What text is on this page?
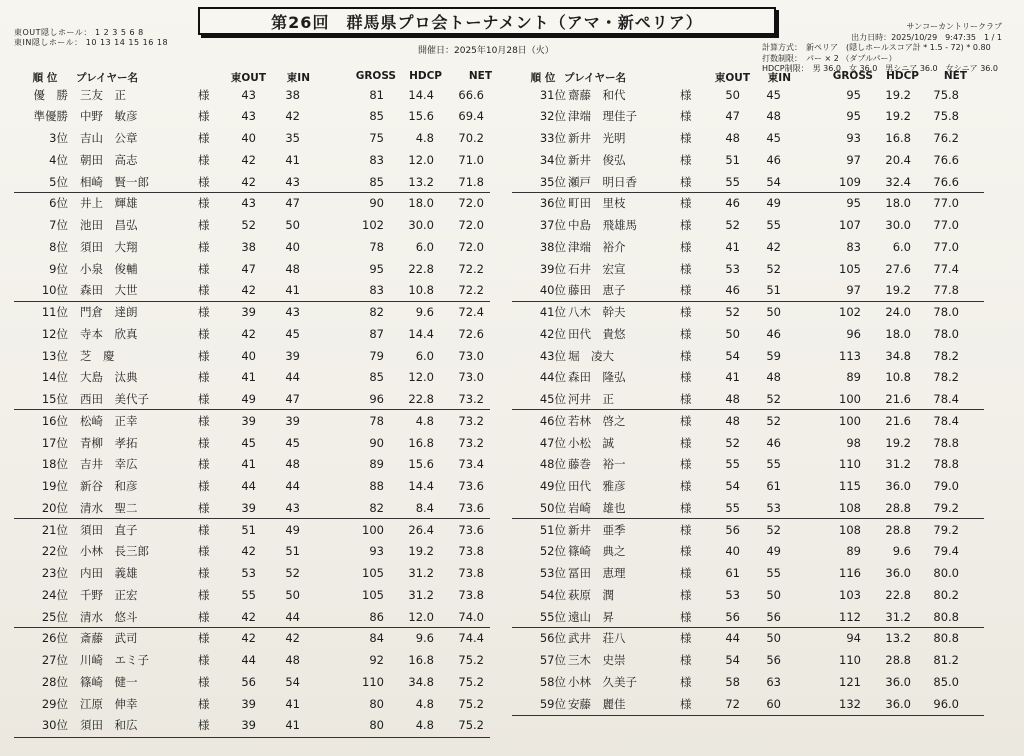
東OUT隠しホール： 1 2 3 5 6 8
東IN隠しホール： 10 13 14 15 16 18
第26回　群馬県プロ会トーナメント（アマ・新ペリア）
開催日：2025年10月28日（火）
サンコーカントリークラブ
出力日時：2025/10/29　9:47:35　1 / 1
計算方式：　新ペリア　(隠しホールスコア計 * 1.5 - 72) * 0.80
打数制限：　パー × 2 （ダブルパー）
HDCP制限：　男 36.0　女 36.0　男シニア 36.0　女シニア 36.0
順 位	プレイヤー名	東OUT	東IN	GROSS	HDCP	NET	順 位 プレイヤー名	東OUT	東IN	GROSS	HDCP	NET
優　勝 三友　正	様	43	38	81	14.4	66.6
準優勝 中野　敏彦	様	43	42	85	15.6	69.4
3位 吉山　公章	様	40	35	75	4.8	70.2
4位 朝田　高志	様	42	41	83	12.0	71.0
5位 相崎　賢一郎	様	42	43	85	13.2	71.8
6位 井上　輝雄	様	43	47	90	18.0	72.0
7位 池田　昌弘	様	52	50	102	30.0	72.0
8位 須田　大翔	様	38	40	78	6.0	72.0
9位 小泉　俊輔	様	47	48	95	22.8	72.2
10位 森田　大世	様	42	41	83	10.8	72.2
11位 門倉　達朗	様	39	43	82	9.6	72.4
12位 寺本　欣真	様	42	45	87	14.4	72.6
13位 芝　慶	様	40	39	79	6.0	73.0
14位 大島　汰典	様	41	44	85	12.0	73.0
15位 西田　美代子	様	49	47	96	22.8	73.2
16位 松崎　正幸	様	39	39	78	4.8	73.2
17位 青柳　孝拓	様	45	45	90	16.8	73.2
18位 吉井　幸広	様	41	48	89	15.6	73.4
19位 新谷　和彦	様	44	44	88	14.4	73.6
20位 清水　聖二	様	39	43	82	8.4	73.6
21位 須田　直子	様	51	49	100	26.4	73.6
22位 小林　長三郎	様	42	51	93	19.2	73.8
23位 内田　義雄	様	53	52	105	31.2	73.8
24位 千野　正宏	様	55	50	105	31.2	73.8
25位 清水　悠斗	様	42	44	86	12.0	74.0
26位 斎藤　武司	様	42	42	84	9.6	74.4
27位 川崎　エミ子	様	44	48	92	16.8	75.2
28位 篠崎　健一	様	56	54	110	34.8	75.2
29位 江原　伸幸	様	39	41	80	4.8	75.2
30位 須田　和広	様	39	41	80	4.8	75.2
31位 齋藤　和代	様	50	45	95	19.2	75.8
32位 津端　理佳子	様	47	48	95	19.2	75.8
33位 新井　光明	様	48	45	93	16.8	76.2
34位 新井　俊弘	様	51	46	97	20.4	76.6
35位 瀬戸　明日香	様	55	54	109	32.4	76.6
36位 町田　里枝	様	46	49	95	18.0	77.0
37位 中島　飛雄馬	様	52	55	107	30.0	77.0
38位 津端　裕介	様	41	42	83	6.0	77.0
39位 石井　宏宣	様	53	52	105	27.6	77.4
40位 藤田　恵子	様	46	51	97	19.2	77.8
41位 八木　幹夫	様	52	50	102	24.0	78.0
42位 田代　貴悠	様	50	46	96	18.0	78.0
43位 堀　凌大	様	54	59	113	34.8	78.2
44位 森田　隆弘	様	41	48	89	10.8	78.2
45位 河井　正	様	48	52	100	21.6	78.4
46位 若林　啓之	様	48	52	100	21.6	78.4
47位 小松　誠	様	52	46	98	19.2	78.8
48位 藤巻　裕一	様	55	55	110	31.2	78.8
49位 田代　雅彦	様	54	61	115	36.0	79.0
50位 岩崎　雄也	様	55	53	108	28.8	79.2
51位 新井　亜季	様	56	52	108	28.8	79.2
52位 篠崎　典之	様	40	49	89	9.6	79.4
53位 冨田　恵理	様	61	55	116	36.0	80.0
54位 萩原　潤	様	53	50	103	22.8	80.2
55位 遠山　昇	様	56	56	112	31.2	80.8
56位 武井　荘八	様	44	50	94	13.2	80.8
57位 三木　史崇	様	54	56	110	28.8	81.2
58位 小林　久美子	様	58	63	121	36.0	85.0
59位 安藤　麗佳	様	72	60	132	36.0	96.0
